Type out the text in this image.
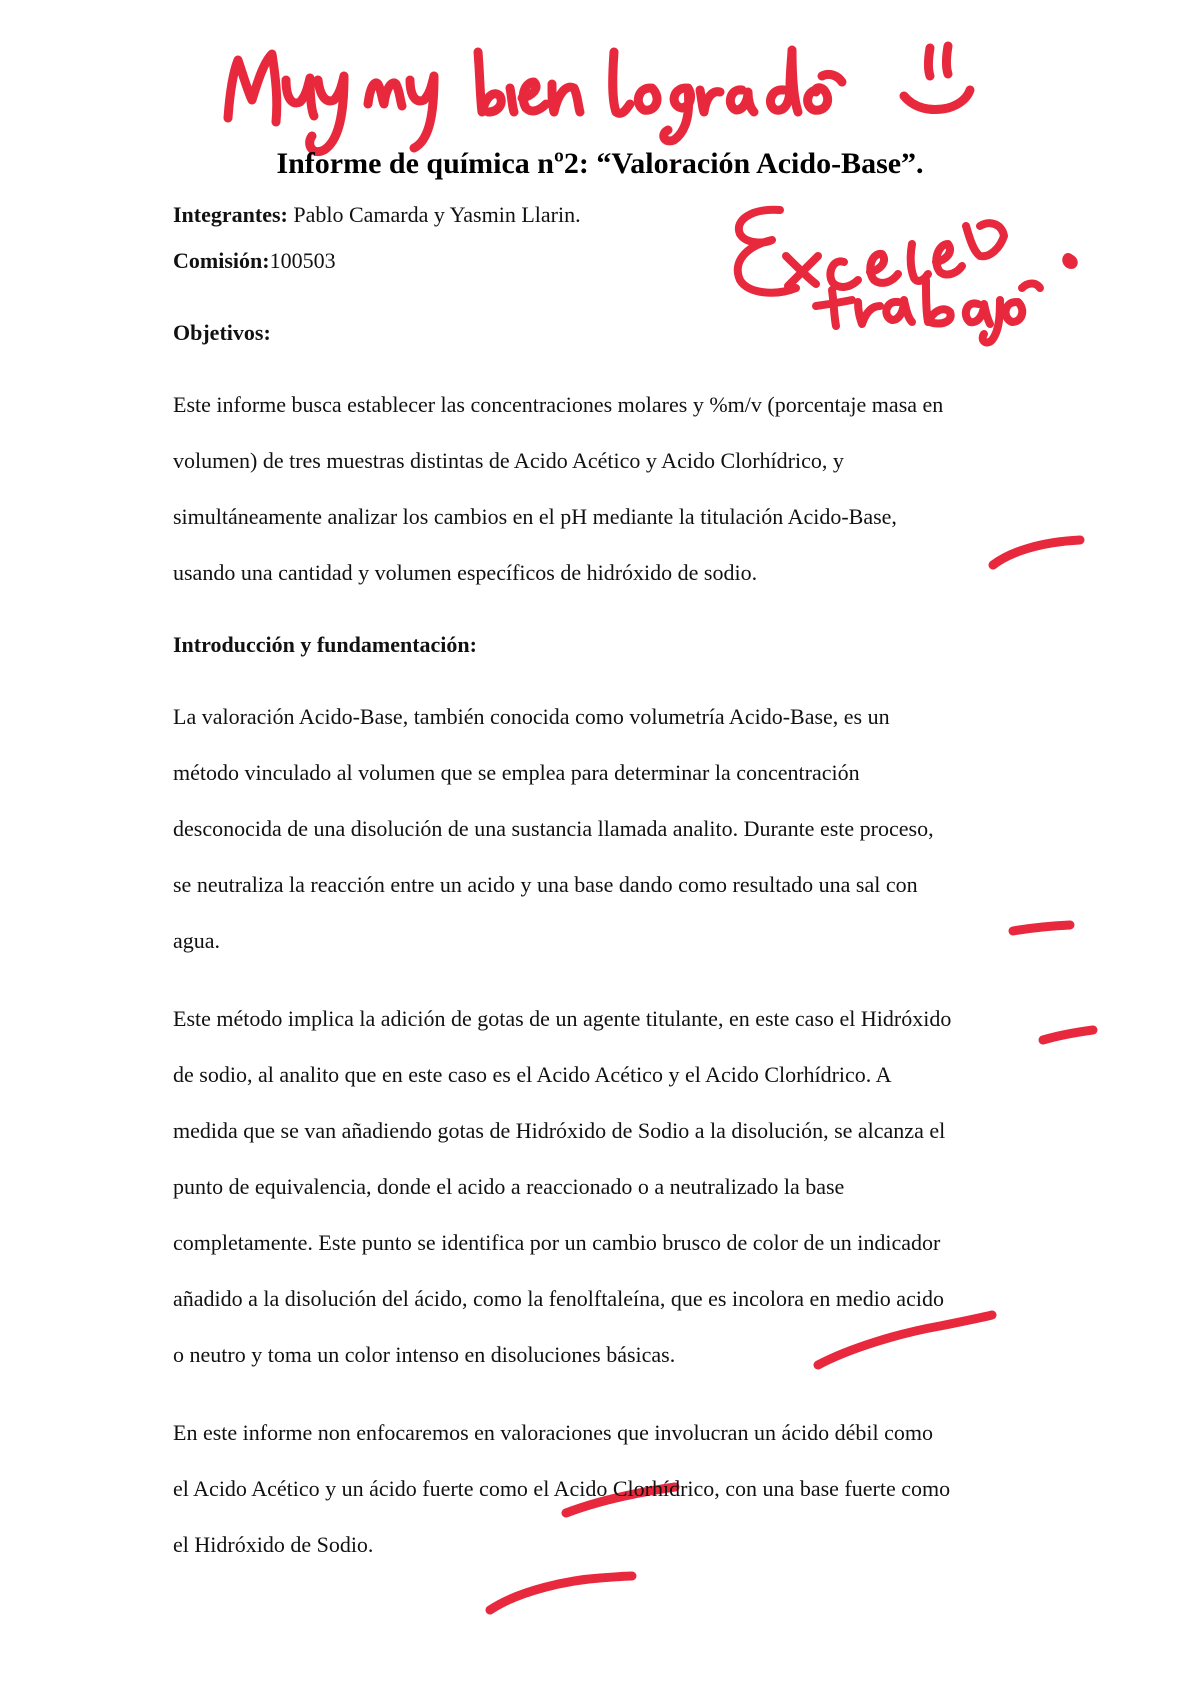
Informe de química nº2: “Valoración Acido-Base”.
Integrantes: Pablo Camarda y Yasmin Llarin.
Comisión:100503
Objetivos:
Este informe busca establecer las concentraciones molares y %m/v (porcentaje masa en
volumen) de tres muestras distintas de Acido Acético y Acido Clorhídrico, y
simultáneamente analizar los cambios en el pH mediante la titulación Acido-Base,
usando una cantidad y volumen específicos de hidróxido de sodio.
Introducción y fundamentación:
La valoración Acido-Base, también conocida como volumetría Acido-Base, es un
método vinculado al volumen que se emplea para determinar la concentración
desconocida de una disolución de una sustancia llamada analito. Durante este proceso,
se neutraliza la reacción entre un acido y una base dando como resultado una sal con
agua.
Este método implica la adición de gotas de un agente titulante, en este caso el Hidróxido
de sodio, al analito que en este caso es el Acido Acético y el Acido Clorhídrico. A
medida que se van añadiendo gotas de Hidróxido de Sodio a la disolución, se alcanza el
punto de equivalencia, donde el acido a reaccionado o a neutralizado la base
completamente. Este punto se identifica por un cambio brusco de color de un indicador
añadido a la disolución del ácido, como la fenolftaleína, que es incolora en medio acido
o neutro y toma un color intenso en disoluciones básicas.
En este informe non enfocaremos en valoraciones que involucran un ácido débil como
el Acido Acético y un ácido fuerte como el Acido Clorhídrico, con una base fuerte como
el Hidróxido de Sodio.
